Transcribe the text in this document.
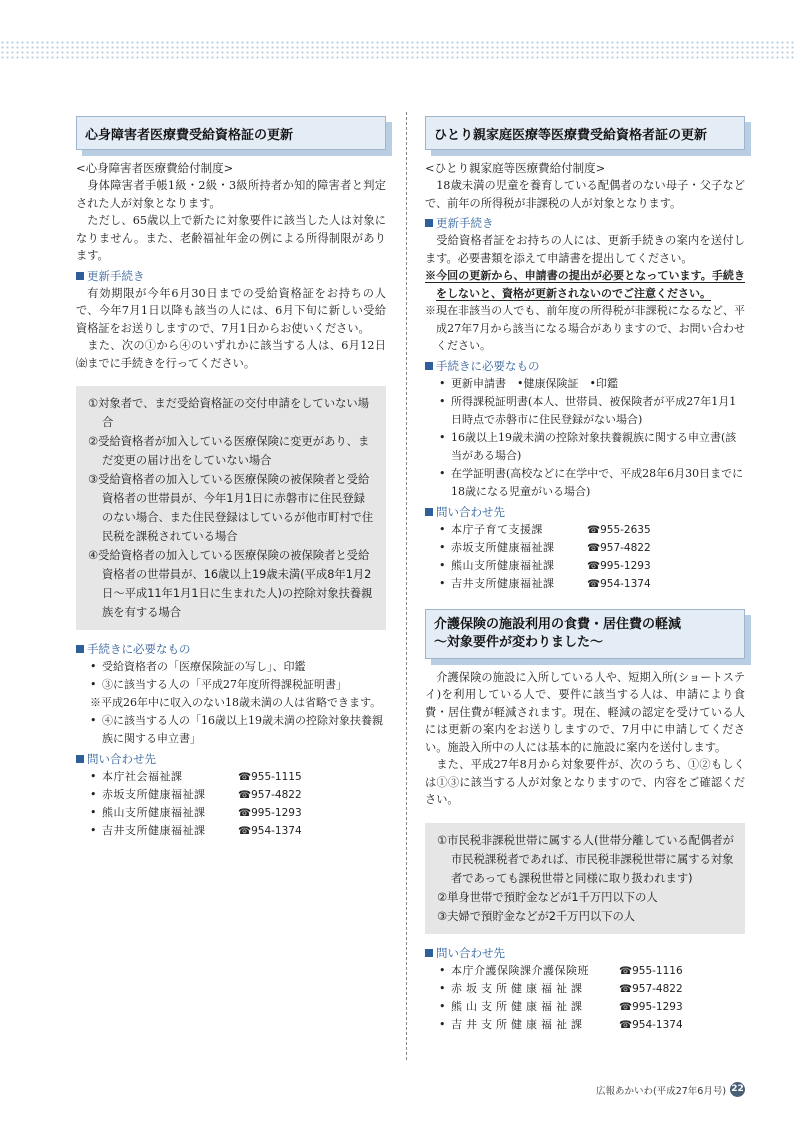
心身障害者医療費受給資格証の更新
<心身障害者医療費給付制度>

身体障害者手帳1級・2級・3級所持者か知的障害者と判定された人が対象となります。

ただし、65歳以上で新たに対象要件に該当した人は対象になりません。また、老齢福祉年金の例による所得制限があります。

更新手続き

有効期限が今年6月30日までの受給資格証をお持ちの人で、今年7月1日以降も該当の人には、6月下旬に新しい受給資格証をお送りしますので、7月1日からお使いください。

また、次の①から④のいずれかに該当する人は、6月12日㈮までに手続きを行ってください。

①対象者で、まだ受給資格証の交付申請をしていない場合
②受給資格者が加入している医療保険に変更があり、まだ変更の届け出をしていない場合
③受給資格者の加入している医療保険の被保険者と受給資格者の世帯員が、今年1月1日に赤磐市に住民登録のない場合、また住民登録はしているが他市町村で住民税を課税されている場合
④受給資格者の加入している医療保険の被保険者と受給資格者の世帯員が、16歳以上19歳未満(平成8年1月2日〜平成11年1月1日に生まれた人)の控除対象扶養親族を有する場合
手続きに必要なもの
• 受給資格者の「医療保険証の写し」、印鑑
• ③に該当する人の「平成27年度所得課税証明書」
※平成26年中に収入のない18歳未満の人は省略できます。
• ④に該当する人の「16歳以上19歳未満の控除対象扶養親族に関する申立書」
問い合わせ先
• 本庁社会福祉課	☎955-1115
• 赤坂支所健康福祉課	☎957-4822
• 熊山支所健康福祉課	☎995-1293
• 吉井支所健康福祉課	☎954-1374
ひとり親家庭医療等医療費受給資格者証の更新
<ひとり親家庭等医療費給付制度>

18歳未満の児童を養育している配偶者のない母子・父子などで、前年の所得税が非課税の人が対象となります。

更新手続き

受給資格者証をお持ちの人には、更新手続きの案内を送付します。必要書類を添えて申請書を提出してください。

※今回の更新から、申請書の提出が必要となっています。手続きをしないと、資格が更新されないのでご注意ください。
※現在非該当の人でも、前年度の所得税が非課税になるなど、平成27年7月から該当になる場合がありますので、お問い合わせください。
手続きに必要なもの
• 更新申請書　•健康保険証　•印鑑
• 所得課税証明書(本人、世帯員、被保険者が平成27年1月1日時点で赤磐市に住民登録がない場合)
• 16歳以上19歳未満の控除対象扶養親族に関する申立書(該当がある場合)
• 在学証明書(高校などに在学中で、平成28年6月30日までに18歳になる児童がいる場合)
問い合わせ先
• 本庁子育て支援課	☎955-2635
• 赤坂支所健康福祉課	☎957-4822
• 熊山支所健康福祉課	☎995-1293
• 吉井支所健康福祉課	☎954-1374
介護保険の施設利用の食費・居住費の軽減
〜対象要件が変わりました〜

介護保険の施設に入所している人や、短期入所(ショートステイ)を利用している人で、要件に該当する人は、申請により食費・居住費が軽減されます。現在、軽減の認定を受けている人には更新の案内をお送りしますので、7月中に申請してください。施設入所中の人には基本的に施設に案内を送付します。

また、平成27年8月から対象要件が、次のうち、①②もしくは①③に該当する人が対象となりますので、内容をご確認ください。

①市民税非課税世帯に属する人(世帯分離している配偶者が市民税課税者であれば、市民税非課税世帯に属する対象者であっても課税世帯と同様に取り扱われます)
②単身世帯で預貯金などが1千万円以下の人
③夫婦で預貯金などが2千万円以下の人
問い合わせ先
• 本庁介護保険課介護保険班	☎955-1116
• 赤坂支所健康福祉課	☎957-4822
• 熊山支所健康福祉課	☎995-1293
• 吉井支所健康福祉課	☎954-1374
広報あかいわ(平成27年6月号) 22
